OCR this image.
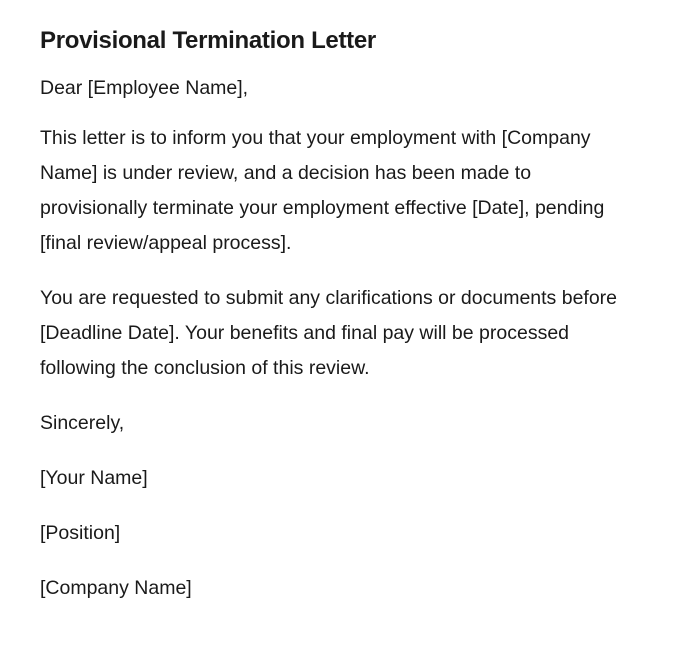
Provisional Termination Letter

Dear [Employee Name],

This letter is to inform you that your employment with [Company Name] is under review, and a decision has been made to provisionally terminate your employment effective [Date], pending [final review/appeal process].

You are requested to submit any clarifications or documents before [Deadline Date]. Your benefits and final pay will be processed following the conclusion of this review.

Sincerely,

[Your Name]

[Position]

[Company Name]
